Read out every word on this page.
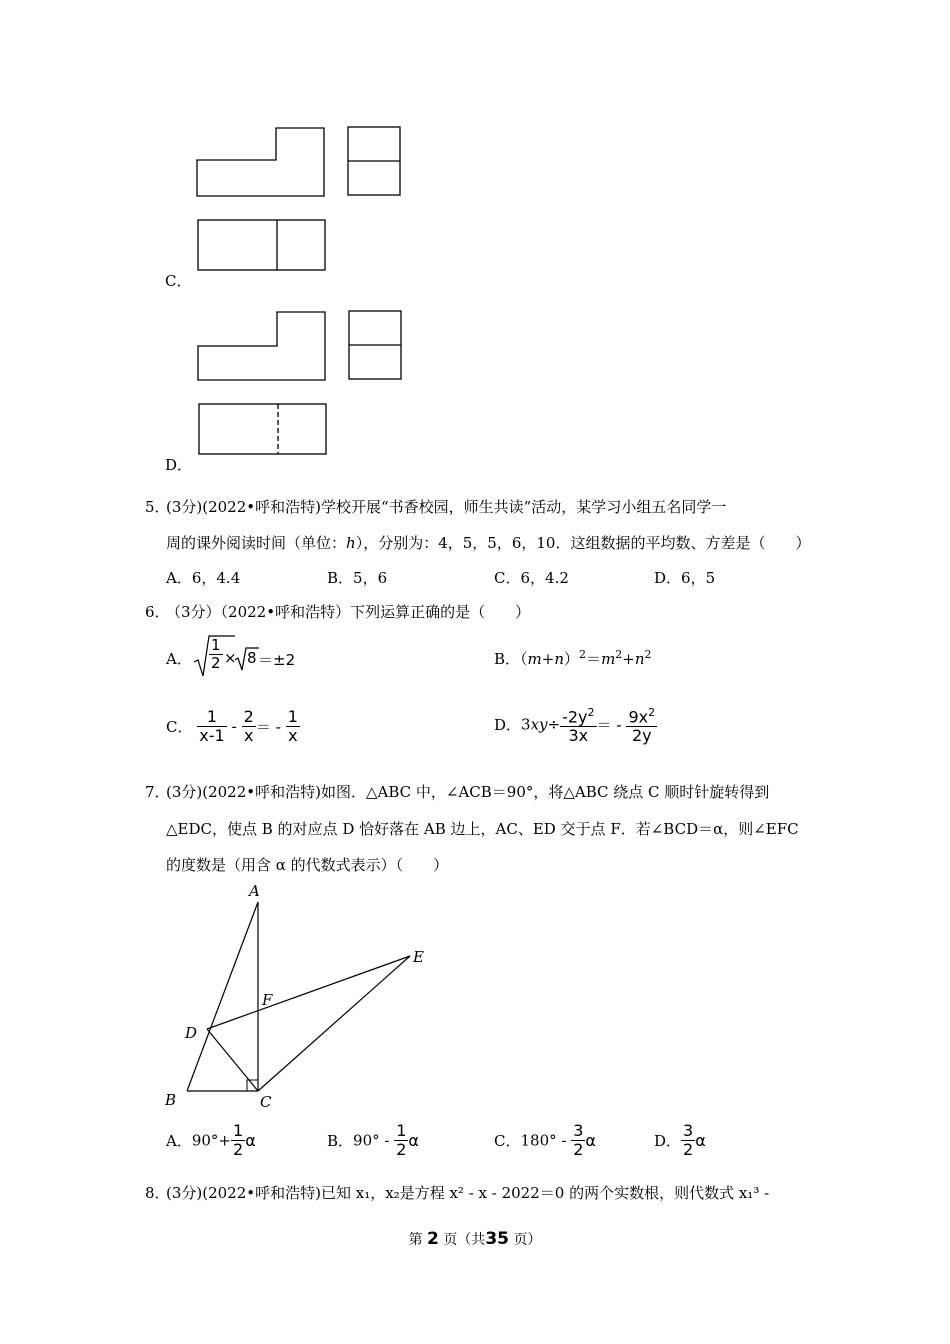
C．
D．
5．
(3分)(2022•呼和浩特)学校开展“书香校园，师生共读”活动，某学习小组五名同学一
周的课外阅读时间（单位：h），分别为：4，5，5，6，10．这组数据的平均数、方差是（　　）
A．6，4.4	B．5，6	C．6，4.2	D．6，5
6．
（3分）（2022•呼和浩特）下列运算正确的是（　　）
A． $\frac{1}{2} \times 8 =\pm 2$	B．$(m+n)^2=m^2+n^2$
C． $\frac{1}{x-1} - \frac{2}{x}$ ＝ - $\frac{1}{x}$	D．$3xy\div \frac{-2y^2}{3x}$ ＝ - $\frac{9x^2}{2y}$
7．
(3分)(2022•呼和浩特)如图．△ABC 中，∠ACB＝90°，将△ABC 绕点 C 顺时针旋转得到
△EDC，使点 B 的对应点 D 恰好落在 AB 边上，AC、ED 交于点 F．若∠BCD＝α，则∠EFC
的度数是（用含 α 的代数式表示）（　　）
A
E
F
D
B	C
A．$90^\circ+ \frac{1}{2}$ α	B．$90^\circ - \frac{1}{2}$ α	C．$180^\circ - \frac{3}{2}$ α	D． $\frac{3}{2}$ α
8．
(3分)(2022•呼和浩特)已知 x₁，x₂是方程 x² - x - 2022＝0 的两个实数根，则代数式 x₁³ -
第 2 页（共35 页）
